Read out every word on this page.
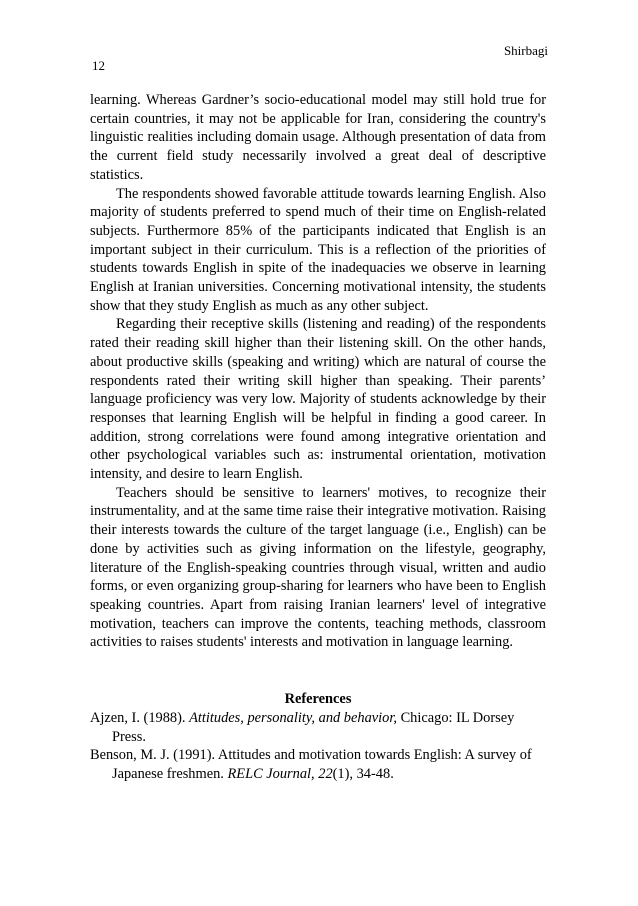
12
Shirbagi

learning. Whereas Gardner’s socio-educational model may still hold true for certain countries, it may not be applicable for Iran, considering the country's linguistic realities including domain usage. Although presentation of data from the current field study necessarily involved a great deal of descriptive statistics.

The respondents showed favorable attitude towards learning English. Also majority of students preferred to spend much of their time on English-related subjects. Furthermore 85% of the participants indicated that English is an important subject in their curriculum. This is a reflection of the priorities of students towards English in spite of the inadequacies we observe in learning English at Iranian universities. Concerning motivational intensity, the students show that they study English as much as any other subject.

Regarding their receptive skills (listening and reading) of the respondents rated their reading skill higher than their listening skill. On the other hands, about productive skills (speaking and writing) which are natural of course the respondents rated their writing skill higher than speaking. Their parents’ language proficiency was very low. Majority of students acknowledge by their responses that learning English will be helpful in finding a good career. In addition, strong correlations were found among integrative orientation and other psychological variables such as: instrumental orientation, motivation intensity, and desire to learn English.

Teachers should be sensitive to learners' motives, to recognize their instrumentality, and at the same time raise their integrative motivation. Raising their interests towards the culture of the target language (i.e., English) can be done by activities such as giving information on the lifestyle, geography, literature of the English-speaking countries through visual, written and audio forms, or even organizing group-sharing for learners who have been to English speaking countries. Apart from raising Iranian learners' level of integrative motivation, teachers can improve the contents, teaching methods, classroom activities to raises students' interests and motivation in language learning.

References

Ajzen, I. (1988). Attitudes, personality, and behavior, Chicago: IL Dorsey Press.

Benson, M. J. (1991). Attitudes and motivation towards English: A survey of Japanese freshmen. RELC Journal, 22(1), 34-48.
